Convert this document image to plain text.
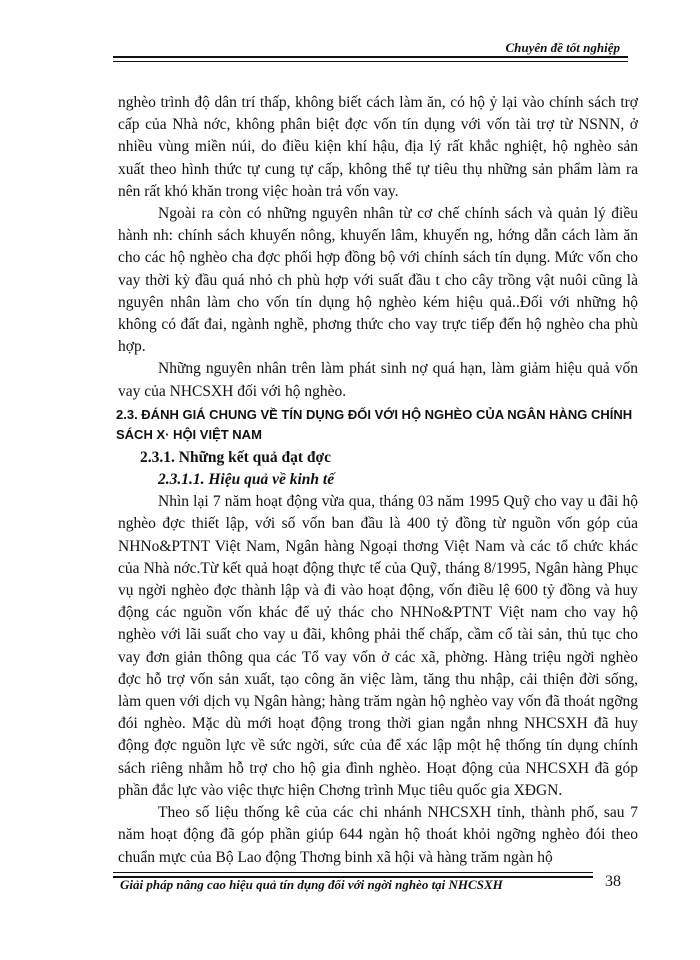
Chuyên đề tốt nghiệp

nghèo trình độ dân trí thấp, không biết cách làm ăn, có hộ ỷ lại vào chính sách trợ cấp của Nhà nớc, không phân biệt đợc vốn tín dụng với vốn tài trợ từ NSNN, ở nhiều vùng miền núi, do điều kiện khí hậu, địa lý rất khắc nghiệt, hộ nghèo sản xuất theo hình thức tự cung tự cấp, không thể tự tiêu thụ những sản phẩm làm ra nên rất khó khăn trong việc hoàn trả vốn vay.

Ngoài ra còn có những nguyên nhân từ cơ chế chính sách và quản lý điều hành nh: chính sách khuyến nông, khuyến lâm, khuyến ng, hớng dẫn cách làm ăn cho các hộ nghèo cha đợc phối hợp đồng bộ với chính sách tín dụng. Mức vốn cho vay thời kỳ đầu quá nhỏ ch phù hợp với suất đầu t cho cây trồng vật nuôi cũng là nguyên nhân làm cho vốn tín dụng hộ nghèo kém hiệu quả..Đối với những hộ không có đất đai, ngành nghề, phơng thức cho vay trực tiếp đến hộ nghèo cha phù hợp.

Những nguyên nhân trên làm phát sinh nợ quá hạn, làm giảm hiệu quả vốn vay của NHCSXH đối với hộ nghèo.

2.3. ĐÁNH GIÁ CHUNG VỀ TÍN DỤNG ĐỐI VỚI HỘ NGHÈO CỦA NGÂN HÀNG CHÍNH SÁCH X· HỘI VIỆT NAM

2.3.1. Những kết quả đạt đợc

2.3.1.1. Hiệu quả về kinh tế

Nhìn lại 7 năm hoạt động vừa qua, tháng 03 năm 1995 Quỹ cho vay u đãi hộ nghèo đợc thiết lập, với số vốn ban đầu là 400 tỷ đồng từ nguồn vốn góp của NHNo&PTNT Việt Nam, Ngân hàng Ngoại thơng Việt Nam và các tổ chức khác của Nhà nớc.Từ kết quả hoạt động thực tế của Quỹ, tháng 8/1995, Ngân hàng Phục vụ ngời nghèo đợc thành lập và đi vào hoạt động, vốn điều lệ 600 tỷ đồng và huy động các nguồn vốn khác để uỷ thác cho NHNo&PTNT Việt nam cho vay hộ nghèo với lãi suất cho vay u đãi, không phải thế chấp, cầm cố tài sản, thủ tục cho vay đơn giản thông qua các Tổ vay vốn ở các xã, phờng. Hàng triệu ngời nghèo đợc hỗ trợ vốn sản xuất, tạo công ăn việc làm, tăng thu nhập, cải thiện đời sống, làm quen với dịch vụ Ngân hàng; hàng trăm ngàn hộ nghèo vay vốn đã thoát ngỡng đói nghèo. Mặc dù mới hoạt động trong thời gian ngắn nhng NHCSXH đã huy động đợc nguồn lực về sức ngời, sức của để xác lập một hệ thống tín dụng chính sách riêng nhằm hỗ trợ cho hộ gia đình nghèo. Hoạt động của NHCSXH đã góp phần đắc lực vào việc thực hiện Chơng trình Mục tiêu quốc gia XĐGN.

Theo số liệu thống kê của các chi nhánh NHCSXH tỉnh, thành phố, sau 7 năm hoạt động đã góp phần giúp 644 ngàn hộ thoát khỏi ngỡng nghèo đói theo chuẩn mực của Bộ Lao động Thơng binh xã hội và hàng trăm ngàn hộ

Giải pháp nâng cao hiệu quả tín dụng đối với ngời nghèo tại NHCSXH	38
